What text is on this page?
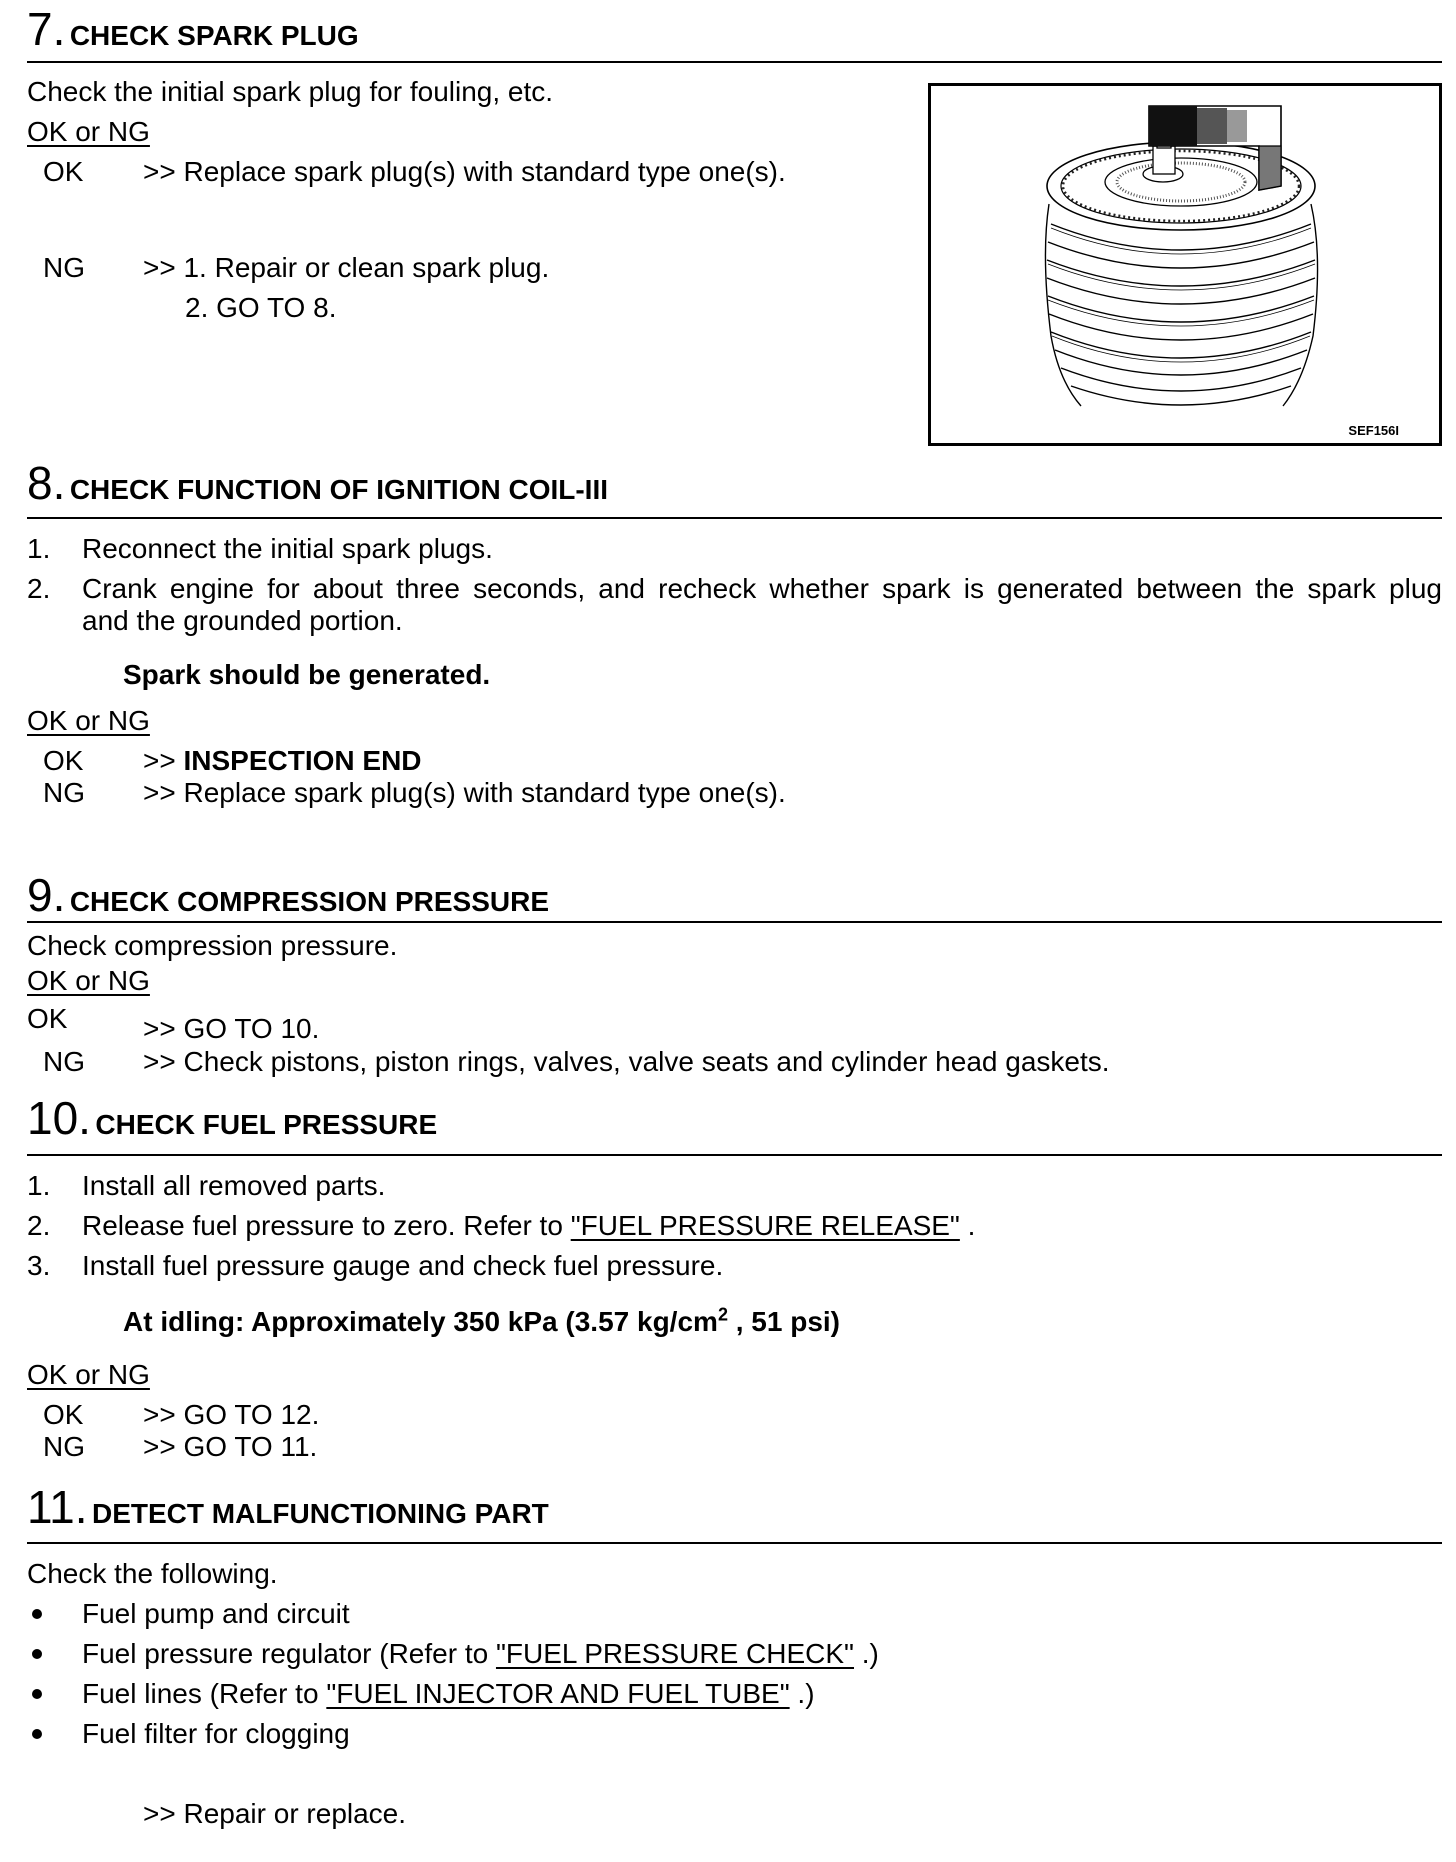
7. CHECK SPARK PLUG
Check the initial spark plug for fouling, etc.
OK or NG
OK >> Replace spark plug(s) with standard type one(s).
NG >> 1. Repair or clean spark plug.
2. GO TO 8.
SEF156I
8. CHECK FUNCTION OF IGNITION COIL-III
1. Reconnect the initial spark plugs.
2. Crank engine for about three seconds, and recheck whether spark is generated between the spark plug
and the grounded portion.
Spark should be generated.
OK or NG
OK >> INSPECTION END
NG >> Replace spark plug(s) with standard type one(s).
9. CHECK COMPRESSION PRESSURE
Check compression pressure.
OK or NG
OK	>> GO TO 10.
NG >> Check pistons, piston rings, valves, valve seats and cylinder head gaskets.
10. CHECK FUEL PRESSURE
1. Install all removed parts.
2. Release fuel pressure to zero. Refer to "FUEL PRESSURE RELEASE" .
3. Install fuel pressure gauge and check fuel pressure.
At idling: Approximately 350 kPa (3.57 $kg/cm^2$ , 51 psi)
OK or NG
OK >> GO TO 12.
NG >> GO TO 11.
11. DETECT MALFUNCTIONING PART
Check the following.
Fuel pump and circuit
Fuel pressure regulator (Refer to "FUEL PRESSURE CHECK" .)
Fuel lines (Refer to "FUEL INJECTOR AND FUEL TUBE" .)
Fuel filter for clogging
>> Repair or replace.
